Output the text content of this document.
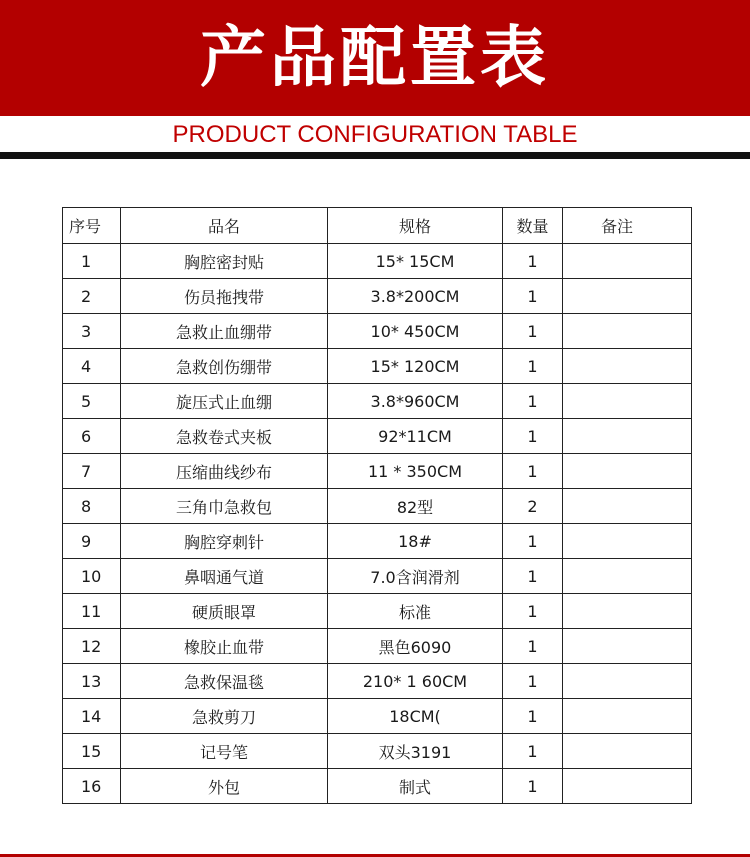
产品配置表
PRODUCT CONFIGURATION TABLE
序号	品名	规格	数量	备注
1	胸腔密封贴	15* 15CM	1	
2	伤员拖拽带	3.8*200CM	1	
3	急救止血绷带	10* 450CM	1	
4	急救创伤绷带	15* 120CM	1	
5	旋压式止血绷	3.8*960CM	1	
6	急救卷式夹板	92*11CM	1	
7	压缩曲线纱布	11 * 350CM	1	
8	三角巾急救包	82型	2	
9	胸腔穿刺针	18#	1	
10	鼻咽通气道	7.0含润滑剂	1	
11	硬质眼罩	标准	1	
12	橡胶止血带	黑色6090	1	
13	急救保温毯	210* 1 60CM	1	
14	急救剪刀	18CM(	1	
15	记号笔	双头3191	1	
16	外包	制式	1	
